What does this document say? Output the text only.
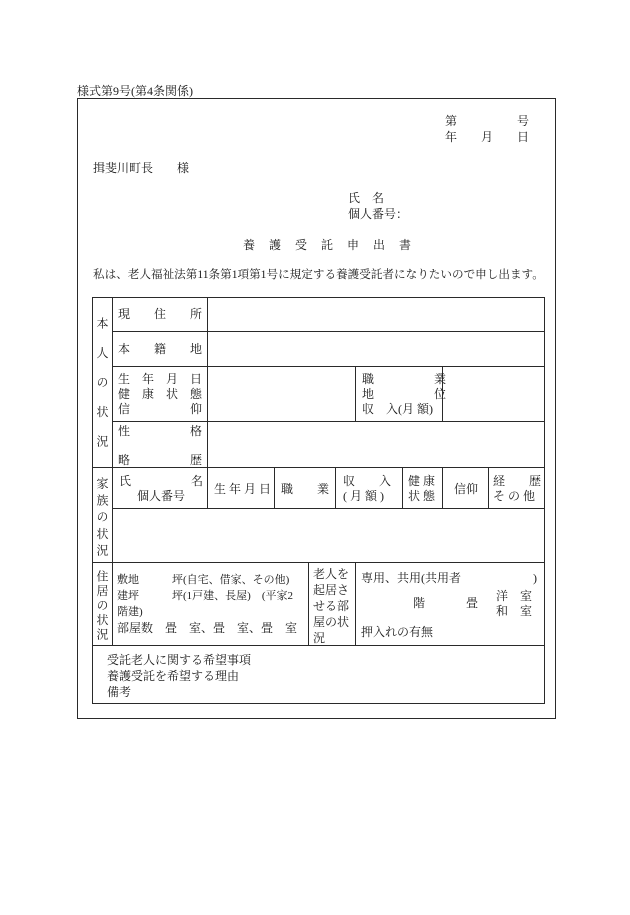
様式第9号(第4条関係)
第　　　　　号
年　　月　　日
揖斐川町長　　様
氏　名
個人番号：
養　護　受　託　申　出　書
私は、老人福祉法第11条第1項第1号に規定する養護受託者になりたいので申し出ます。
本人の状況
現　　住　　所
本　　籍　　地
生　年　月　日
健　康　状　態
信　　　　　仰
職　　　　　業
地　　　　　位
収　入(月 額)
性　　　　　格
略　　　　　歴
家族の状況 氏　　　　　名
個人番号 生 年 月 日 職　　業
収　　入
( 月 額 )
健 康
状 態 信仰
経　　歴
そ の 他
住居の状況 敷地　　　坪(自宅、借家、その他)
建坪　　　坪(1戸建、長屋)　(平家2
階建)
部屋数　畳　室、畳　室、畳　室
老人を起居させる部屋の状況
専用、共用(共用者　　　　　　)
階	畳 洋　室
和　室
押入れの有無
受託老人に関する希望事項
養護受託を希望する理由
備考
